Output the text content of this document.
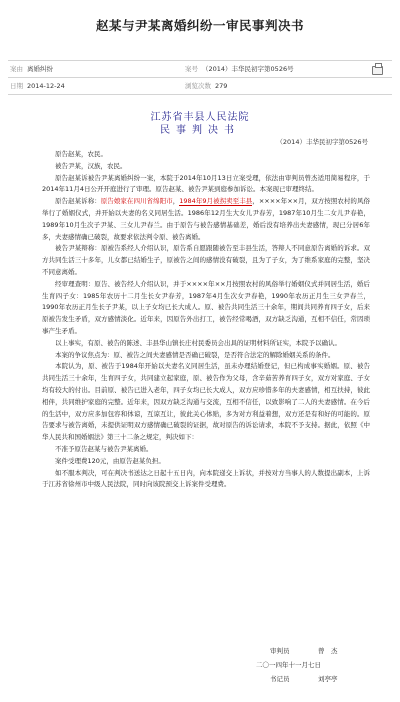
赵某与尹某离婚纠纷一审民事判决书
案由 离婚纠纷	案号 （2014）丰华民初字第0526号
日期 2014-12-24	浏览次数 279
江苏省丰县人民法院
民事判决书
（2014）丰华民初字第0526号

原告赵某，农民。

被告尹某，汉族，农民。

原告赵某诉被告尹某离婚纠纷一案，本院于2014年10月13日立案受理，依法由审判员曾杰适用简易程序，于2014年11月4日公开开庭进行了审理。原告赵某、被告尹某到庭参加诉讼。本案现已审理终结。

原告赵某诉称：原告娘家在四川省绵阳市，1984年9月被拐卖至丰县，××××年××月，双方按照农村的风俗举行了婚姻仪式，并开始以夫妻的名义同居生活。1986年12月生大女儿尹春芳，1987年10月生二女儿尹春艳，1989年10月生次子尹某、三女儿尹春兰。由于原告与被告感情基础差，婚后没有培养出夫妻感情，现已分居6年多，夫妻感情确已破裂，故要求依法判令原、被告离婚。

被告尹某辩称：原被告系经人介绍认识，原告系自愿跟随被告至丰县生活，答辩人不同意原告离婚的诉求。双方共同生活三十多年，儿女都已结婚生子，原被告之间的感情没有破裂，且为了子女，为了维系家庭的完整，坚决不同意离婚。

经审理查明：原告、被告经人介绍认识，并于××××年××月按照农村的风俗举行婚姻仪式并同居生活，婚后生育四子女：1985年农历十二月生长女尹春芳，1987年4月生次女尹春艳，1990年农历正月生三女尹春兰，1990年农历正月生长子尹某，以上子女均已长大成人。原、被告共同生活三十余年，期间共同养育四子女，后来原被告发生矛盾，双方感情淡化。近年来，因原告外出打工，被告经常喝酒，双方缺乏沟通，互相不信任，常因琐事产生矛盾。

以上事实，有原、被告的陈述、丰县华山镇长庄村民委员会出具的证明材料所证实，本院予以确认。

本案的争议焦点为：原、被告之间夫妻感情是否确已破裂，是否符合法定的解除婚姻关系的条件。

本院认为，原、被告于1984年开始以夫妻名义同居生活，虽未办理结婚登记，但已构成事实婚姻。原、被告共同生活三十余年，生育四子女，共同建立起家庭，原、被告作为父母，含辛茹苦养育四子女，双方对家庭、子女均有较大的付出。目前原、被告已进入老年，四子女均已长大成人，双方应珍惜多年的夫妻感情，相互扶持，彼此相伴，共同维护家庭的完整。近年来，因双方缺乏沟通与交流，互相不信任，以致影响了二人的夫妻感情。在今后的生活中，双方应多加包容和体谅，互谅互让，彼此关心体贴，多为对方利益着想，双方还是有和好的可能的。原告要求与被告离婚，未提供证明双方感情确已破裂的证据，故对原告的诉讼请求，本院不予支持。据此，依照《中华人民共和国婚姻法》第三十二条之规定，判决如下：

不准予原告赵某与被告尹某离婚。

案件受理费120元，由原告赵某负担。

如不服本判决，可在判决书送达之日起十五日内，向本院递交上诉状，并按对方当事人的人数提出副本，上诉于江苏省徐州市中级人民法院，同时向该院预交上诉案件受理费。

审判员	曾　杰
二〇一四年十一月七日
书记员	刘亭亭
